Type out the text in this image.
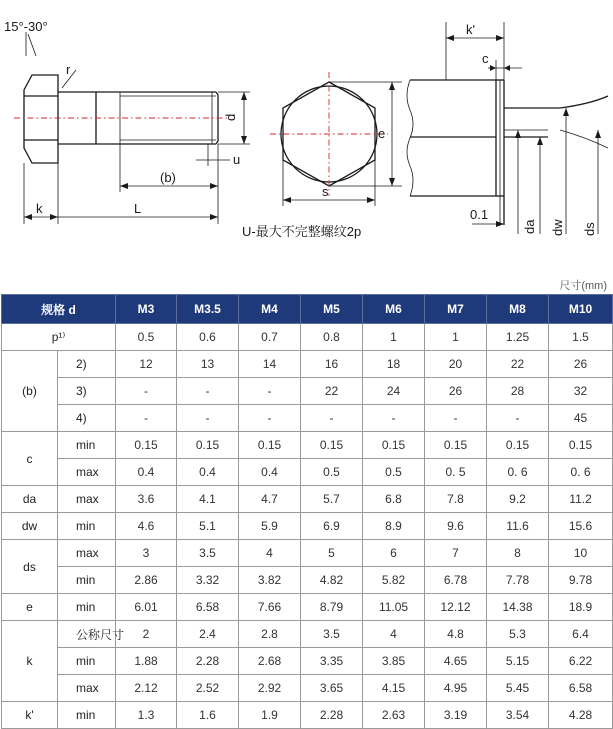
15°-30°
r
d
u
(b)
k	L
e
s
U-最大不完整螺纹2p
k'
c
0.1
da dw ds
尺寸(mm)
规格 d		M3	M3.5	M4	M5	M6	M7	M8	M10
p¹⁾		0.5	0.6	0.7	0.8	1	1	1.25	1.5
(b)	2)	12	13	14	16	18	20	22	26
	3)	-	-	-	22	24	26	28	32
	4)	-	-	-	-	-	-	-	45
c	min	0.15	0.15	0.15	0.15	0.15	0.15	0.15	0.15
	max	0.4	0.4	0.4	0.5	0.5	0. 5	0. 6	0. 6
da	max	3.6	4.1	4.7	5.7	6.8	7.8	9.2	11.2
dw	min	4.6	5.1	5.9	6.9	8.9	9.6	11.6	15.6
ds	max	3	3.5	4	5	6	7	8	10
	min	2.86	3.32	3.82	4.82	5.82	6.78	7.78	9.78
e	min	6.01	6.58	7.66	8.79	11.05	12.12	14.38	18.9
k	公称尺寸	2	2.4	2.8	3.5	4	4.8	5.3	6.4
	min	1.88	2.28	2.68	3.35	3.85	4.65	5.15	6.22
	max	2.12	2.52	2.92	3.65	4.15	4.95	5.45	6.58
k'	min	1.3	1.6	1.9	2.28	2.63	3.19	3.54	4.28
